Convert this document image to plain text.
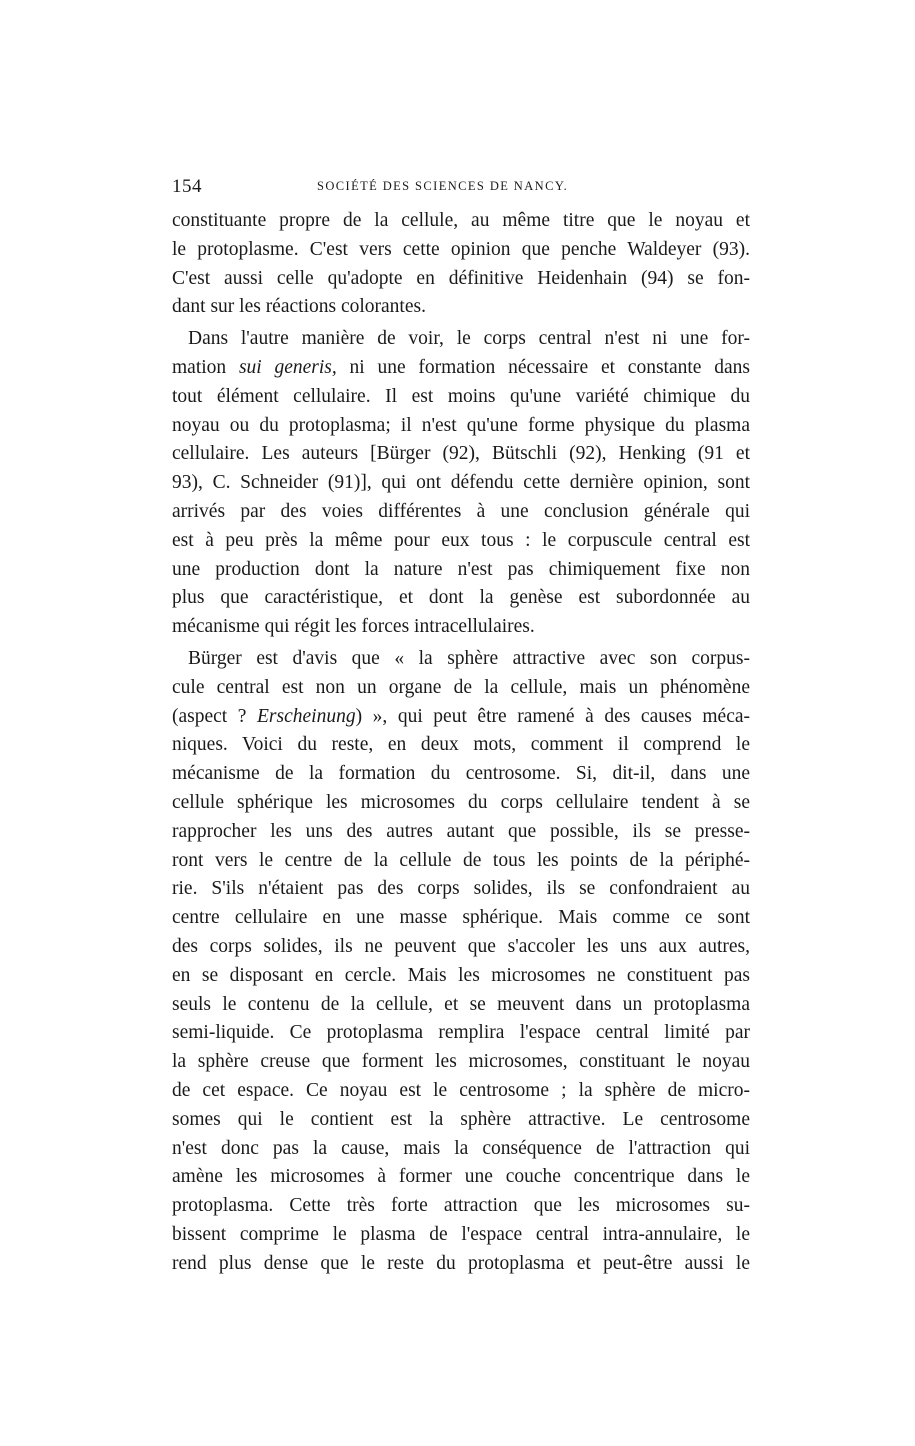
154	SOCIÉTÉ DES SCIENCES DE NANCY.
constituante propre de la cellule, au même titre que le noyau et
le protoplasme. C'est vers cette opinion que penche Waldeyer (93).
C'est aussi celle qu'adopte en définitive Heidenhain (94) se fon-
dant sur les réactions colorantes.
Dans l'autre manière de voir, le corps central n'est ni une for-
mation sui generis, ni une formation nécessaire et constante dans
tout élément cellulaire. Il est moins qu'une variété chimique du
noyau ou du protoplasma; il n'est qu'une forme physique du plasma
cellulaire. Les auteurs [Bürger (92), Bütschli (92), Henking (91 et
93), C. Schneider (91)], qui ont défendu cette dernière opinion, sont
arrivés par des voies différentes à une conclusion générale qui
est à peu près la même pour eux tous : le corpuscule central est
une production dont la nature n'est pas chimiquement fixe non
plus que caractéristique, et dont la genèse est subordonnée au
mécanisme qui régit les forces intracellulaires.
Bürger est d'avis que « la sphère attractive avec son corpus-
cule central est non un organe de la cellule, mais un phénomène
(aspect ? Erscheinung) », qui peut être ramené à des causes méca-
niques. Voici du reste, en deux mots, comment il comprend le
mécanisme de la formation du centrosome. Si, dit-il, dans une
cellule sphérique les microsomes du corps cellulaire tendent à se
rapprocher les uns des autres autant que possible, ils se presse-
ront vers le centre de la cellule de tous les points de la périphé-
rie. S'ils n'étaient pas des corps solides, ils se confondraient au
centre cellulaire en une masse sphérique. Mais comme ce sont
des corps solides, ils ne peuvent que s'accoler les uns aux autres,
en se disposant en cercle. Mais les microsomes ne constituent pas
seuls le contenu de la cellule, et se meuvent dans un protoplasma
semi-liquide. Ce protoplasma remplira l'espace central limité par
la sphère creuse que forment les microsomes, constituant le noyau
de cet espace. Ce noyau est le centrosome ; la sphère de micro-
somes qui le contient est la sphère attractive. Le centrosome
n'est donc pas la cause, mais la conséquence de l'attraction qui
amène les microsomes à former une couche concentrique dans le
protoplasma. Cette très forte attraction que les microsomes su-
bissent comprime le plasma de l'espace central intra-annulaire, le
rend plus dense que le reste du protoplasma et peut-être aussi le
